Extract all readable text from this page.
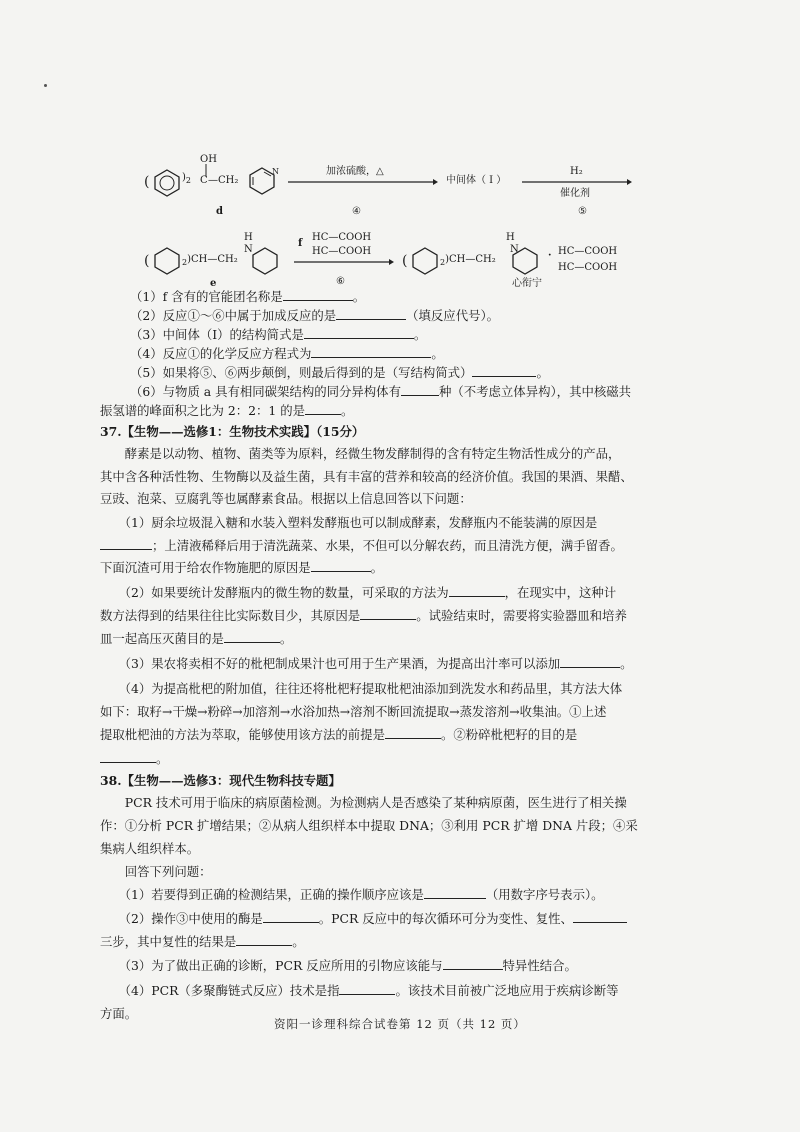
(	)$_2$
OH
C —CH₂
N
d
加浓硫酸，△
④
中间体（ I ）
H₂
催化剂
⑤
(	$_2$)CH—CH₂
H
N
e
f
HC—COOH
HC—COOH
⑥
(	$_2$)CH—CH₂
H
N
· HC—COOH
HC—COOH
心衔宁
（1）f 含有的官能团名称是	。
（2）反应①～⑥中属于加成反应的是	（填反应代号）。
（3）中间体（I）的结构简式是	。
（4）反应①的化学反应方程式为	。
（5）如果将⑤、⑥两步颠倒，则最后得到的是（写结构简式）	。
（6）与物质 a 具有相同碳架结构的同分异构体有	种（不考虑立体异构），其中核磁共
振氢谱的峰面积之比为 2：2：1 的是	。
37.【生物——选修1：生物技术实践】（15分）
　　酵素是以动物、植物、菌类等为原料，经微生物发酵制得的含有特定生物活性成分的产品，
其中含各种活性物、生物酶以及益生菌，具有丰富的营养和较高的经济价值。我国的果酒、果醋、
豆豉、泡菜、豆腐乳等也属酵素食品。根据以上信息回答以下问题：
　　（1）厨余垃圾混入糖和水装入塑料发酵瓶也可以制成酵素，发酵瓶内不能装满的原因是
；上清液稀释后用于清洗蔬菜、水果，不但可以分解农药，而且清洗方便，满手留香。
下面沉渣可用于给农作物施肥的原因是	。
　　（2）如果要统计发酵瓶内的微生物的数量，可采取的方法为	，在现实中，这种计
数方法得到的结果往往比实际数目少，其原因是	。试验结束时，需要将实验器皿和培养
皿一起高压灭菌目的是	。
　　（3）果农将卖相不好的枇杷制成果汁也可用于生产果酒，为提高出汁率可以添加	。
　　（4）为提高枇杷的附加值，往往还将枇杷籽提取枇杷油添加到洗发水和药品里，其方法大体
如下：取籽→干燥→粉碎→加溶剂→水浴加热→溶剂不断回流提取→蒸发溶剂→收集油。①上述
提取枇杷油的方法为萃取，能够使用该方法的前提是	。②粉碎枇杷籽的目的是
。
38.【生物——选修3：现代生物科技专题】
　　PCR 技术可用于临床的病原菌检测。为检测病人是否感染了某种病原菌，医生进行了相关操
作：①分析 PCR 扩增结果；②从病人组织样本中提取 DNA；③利用 PCR 扩增 DNA 片段；④采
集病人组织样本。
　　回答下列问题：
　　（1）若要得到正确的检测结果，正确的操作顺序应该是	（用数字序号表示）。
　　（2）操作③中使用的酶是	。PCR 反应中的每次循环可分为变性、复性、
三步，其中复性的结果是	。
　　（3）为了做出正确的诊断，PCR 反应所用的引物应该能与	特异性结合。
　　（4）PCR（多聚酶链式反应）技术是指	。该技术目前被广泛地应用于疾病诊断等
方面。
资阳一诊理科综合试卷第 12 页（共 12 页）
